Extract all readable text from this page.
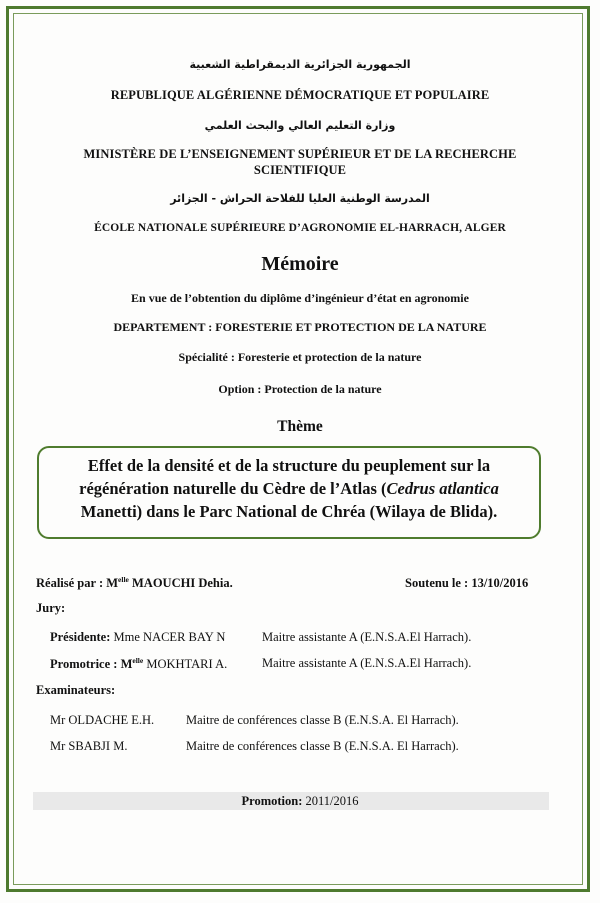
الجمهورية الجزائرية الديمقراطية الشعبية
REPUBLIQUE ALGÉRIENNE DÉMOCRATIQUE ET POPULAIRE
وزارة التعليم العالي والبحث العلمي
MINISTÈRE DE L’ENSEIGNEMENT SUPÉRIEUR ET DE LA RECHERCHE
SCIENTIFIQUE
المدرسة الوطنية العليا للفلاحة الحراش - الجزائر
ÉCOLE NATIONALE SUPÉRIEURE D’AGRONOMIE EL-HARRACH, ALGER
Mémoire
En vue de l’obtention du diplôme d’ingénieur d’état en agronomie
DEPARTEMENT : FORESTERIE ET PROTECTION DE LA NATURE
Spécialité : Foresterie et protection de la nature
Option : Protection de la nature
Thème
Effet de la densité et de la structure du peuplement sur la
régénération naturelle du Cèdre de l’Atlas (Cedrus atlantica
Manetti) dans le Parc National de Chréa (Wilaya de Blida).
Réalisé par : $M^{elle}$ MAOUCHI Dehia.	Soutenu le : 13/10/2016
Jury:
Présidente: Mme NACER BAY N	Maitre assistante A (E.N.S.A.El Harrach).
Promotrice : $M^{elle}$ MOKHTARI A.	Maitre assistante A (E.N.S.A.El Harrach).
Examinateurs:
Mr OLDACHE E.H.	Maitre de conférences classe B (E.N.S.A. El Harrach).
Mr SBABJI M.	Maitre de conférences classe B (E.N.S.A. El Harrach).
Promotion: 2011/2016
